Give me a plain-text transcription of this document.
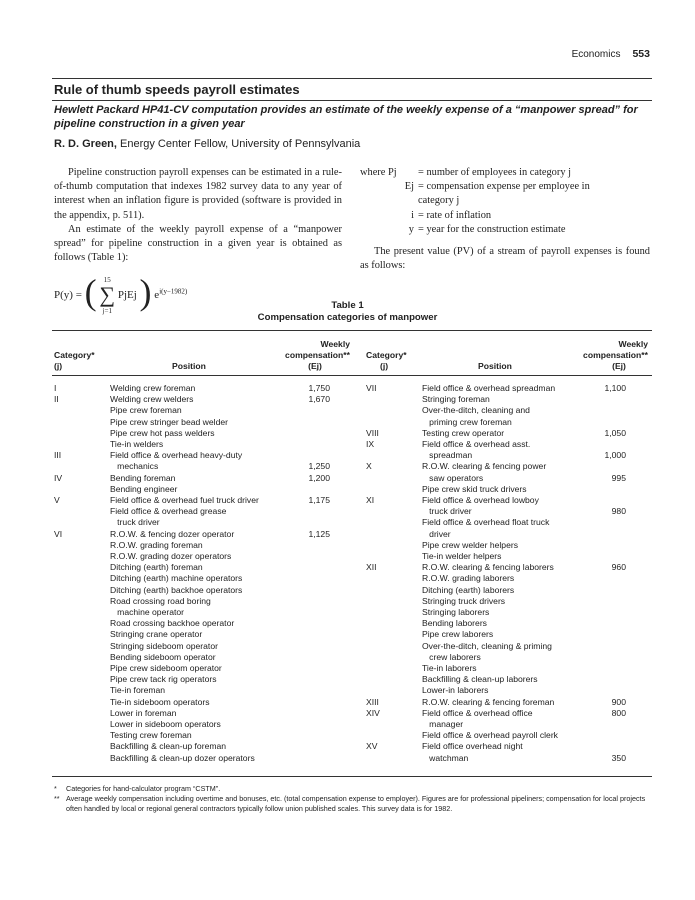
Economics 553
Rule of thumb speeds payroll estimates
Hewlett Packard HP41-CV computation provides an estimate of the weekly expense of a “manpower spread” for pipeline construction in a given year
R. D. Green, Energy Center Fellow, University of Pennsylvania

Pipeline construction payroll expenses can be estimated in a rule-of-thumb computation that indexes 1982 survey data to any year of interest when an inflation figure is provided (software is provided in the appendix, p. 511).

An estimate of the weekly payroll expense of a “manpower spread” for pipeline construction in a given year is obtained as follows (Table 1):

P(y) = ( 15
∑
j=1 PjEj ) $e^{i(y-1982)}$
where Pj	= number of employees in category j
Ej = compensation expense per employee in
category j
i = rate of inflation
y = year for the construction estimate

The present value (PV) of a stream of payroll expenses is found as follows:

Table 1
Compensation categories of manpower
Category*
(j)	Position
Weekly
compensation**
(Ej)
Category*
(j)	Position
Weekly
compensation**
(Ej)
I	Welding crew foreman	1,750
II	Welding crew welders	1,670
Pipe crew foreman
Pipe crew stringer bead welder
Pipe crew hot pass welders
Tie-in welders
III	Field office & overhead heavy-duty
mechanics	1,250
IV	Bending foreman	1,200
Bending engineer
V	Field office & overhead fuel truck driver	1,175
Field office & overhead grease
truck driver
VI	R.O.W. & fencing dozer operator	1,125
R.O.W. grading foreman
R.O.W. grading dozer operators
Ditching (earth) foreman
Ditching (earth) machine operators
Ditching (earth) backhoe operators
Road crossing road boring
machine operator
Road crossing backhoe operator
Stringing crane operator
Stringing sideboom operator
Bending sideboom operator
Pipe crew sideboom operator
Pipe crew tack rig operators
Tie-in foreman
Tie-in sideboom operators
Lower in foreman
Lower in sideboom operators
Testing crew foreman
Backfilling & clean-up foreman
Backfilling & clean-up dozer operators
VII	Field office & overhead spreadman	1,100
Stringing foreman
Over-the-ditch, cleaning and
priming crew foreman
VIII	Testing crew operator	1,050
IX	Field office & overhead asst.
spreadman	1,000
X	R.O.W. clearing & fencing power
saw operators	995
Pipe crew skid truck drivers
XI	Field office & overhead lowboy
truck driver	980
Field office & overhead float truck
driver
Pipe crew welder helpers
Tie-in welder helpers
XII	R.O.W. clearing & fencing laborers	960
R.O.W. grading laborers
Ditching (earth) laborers
Stringing truck drivers
Stringing laborers
Bending laborers
Pipe crew laborers
Over-the-ditch, cleaning & priming
crew laborers
Tie-in laborers
Backfilling & clean-up laborers
Lower-in laborers
XIII	R.O.W. clearing & fencing foreman	900
XIV	Field office & overhead office	800
manager
Field office & overhead payroll clerk
XV	Field office overhead night
watchman	350
*	Categories for hand-calculator program “CSTM”.
** Average weekly compensation including overtime and bonuses, etc. (total compensation expense to employer). Figures are for professional pipeliners; compensation for local projects often handled by local or regional general contractors typically follow union published scales. This survey data is for 1982.
